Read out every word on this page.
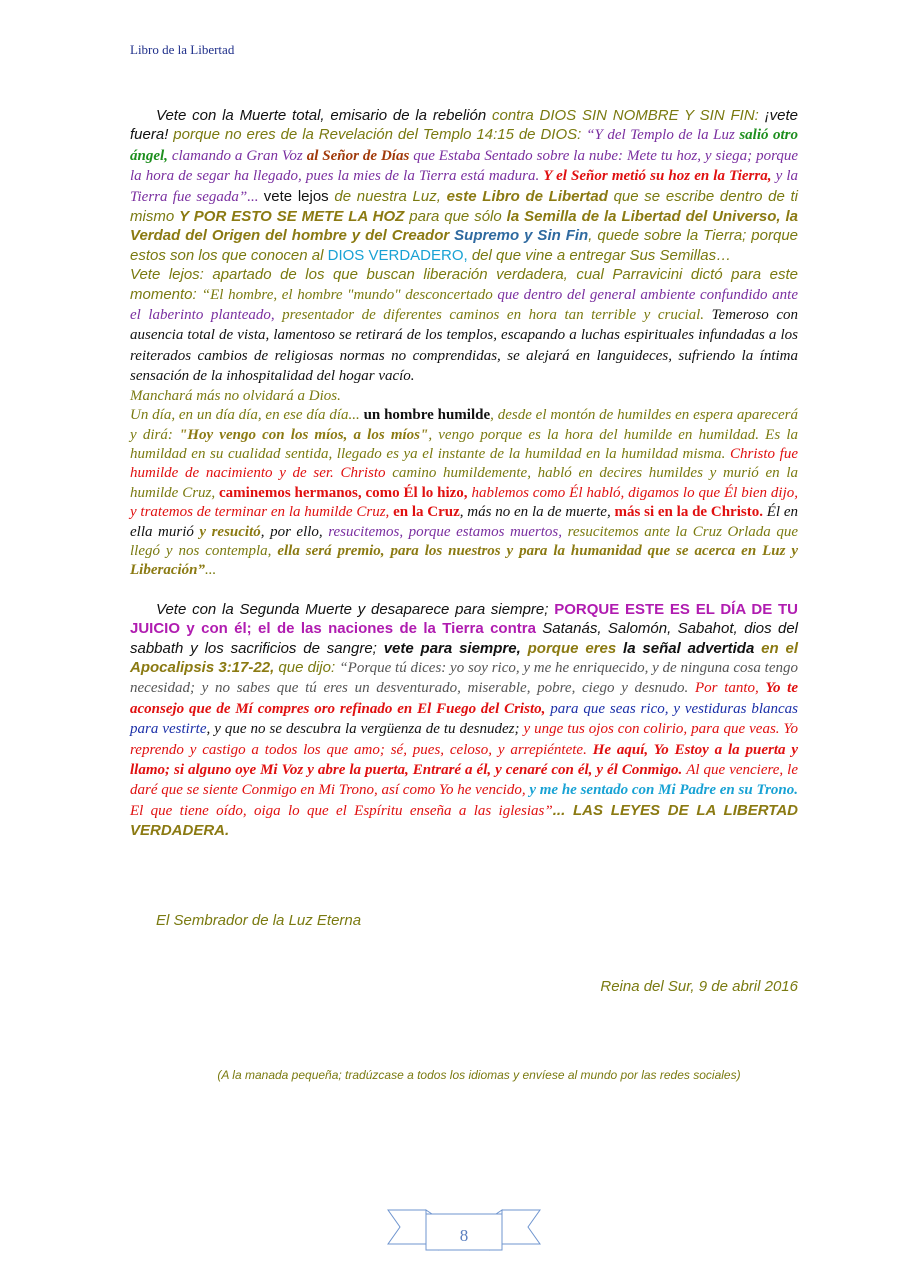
Libro de la Libertad

Vete con la Muerte total, emisario de la rebelión contra DIOS SIN NOMBRE Y SIN FIN: ¡vete fuera! porque no eres de la Revelación del Templo 14:15 de DIOS: “Y del Templo de la Luz salió otro ángel, clamando a Gran Voz al Señor de Días que Estaba Sentado sobre la nube: Mete tu hoz, y siega; porque la hora de segar ha llegado, pues la mies de la Tierra está madura. Y el Señor metió su hoz en la Tierra, y la Tierra fue segada”... vete lejos de nuestra Luz, este Libro de Libertad que se escribe dentro de ti mismo Y POR ESTO SE METE LA HOZ para que sólo la Semilla de la Libertad del Universo, la Verdad del Origen del hombre y del Creador Supremo y Sin Fin, quede sobre la Tierra; porque estos son los que conocen al DIOS VERDADERO, del que vine a entregar Sus Semillas…

Vete lejos: apartado de los que buscan liberación verdadera, cual Parravicini dictó para este momento: “El hombre, el hombre "mundo" desconcertado que dentro del general ambiente confundido ante el laberinto planteado, presentador de diferentes caminos en hora tan terrible y crucial. Temeroso con ausencia total de vista, lamentoso se retirará de los templos, escapando a luchas espirituales infundadas a los reiterados cambios de religiosas normas no comprendidas, se alejará en languideces, sufriendo la íntima sensación de la inhospitalidad del hogar vacío.

Manchará más no olvidará a Dios.

Un día, en un día día, en ese día día... un hombre humilde, desde el montón de humildes en espera aparecerá y dirá: "Hoy vengo con los míos, a los míos", vengo porque es la hora del humilde en humildad. Es la humildad en su cualidad sentida, llegado es ya el instante de la humildad en la humildad misma. Christo fue humilde de nacimiento y de ser. Christo camino humildemente, habló en decires humildes y murió en la humilde Cruz, caminemos hermanos, como Él lo hizo, hablemos como Él habló, digamos lo que Él bien dijo, y tratemos de terminar en la humilde Cruz, en la Cruz, más no en la de muerte, más si en la de Christo. Él en ella murió y resucitó, por ello, resucitemos, porque estamos muertos, resucitemos ante la Cruz Orlada que llegó y nos contempla, ella será premio, para los nuestros y para la humanidad que se acerca en Luz y Liberación”...

Vete con la Segunda Muerte y desaparece para siempre; PORQUE ESTE ES EL DÍA DE TU JUICIO y con él; el de las naciones de la Tierra contra Satanás, Salomón, Sabahot, dios del sabbath y los sacrificios de sangre; vete para siempre, porque eres la señal advertida en el Apocalipsis 3:17-22, que dijo: “Porque tú dices: yo soy rico, y me he enriquecido, y de ninguna cosa tengo necesidad; y no sabes que tú eres un desventurado, miserable, pobre, ciego y desnudo. Por tanto, Yo te aconsejo que de Mí compres oro refinado en El Fuego del Cristo, para que seas rico, y vestiduras blancas para vestirte, y que no se descubra la vergüenza de tu desnudez; y unge tus ojos con colirio, para que veas. Yo reprendo y castigo a todos los que amo; sé, pues, celoso, y arrepiéntete. He aquí, Yo Estoy a la puerta y llamo; si alguno oye Mi Voz y abre la puerta, Entraré a él, y cenaré con él, y él Conmigo. Al que venciere, le daré que se siente Conmigo en Mi Trono, así como Yo he vencido, y me he sentado con Mi Padre en su Trono. El que tiene oído, oiga lo que el Espíritu enseña a las iglesias”... LAS LEYES DE LA LIBERTAD VERDADERA.

El Sembrador de la Luz Eterna
Reina del Sur, 9 de abril 2016
(A la manada pequeña; tradúzcase a todos los idiomas y envíese al mundo por las redes sociales)
8
